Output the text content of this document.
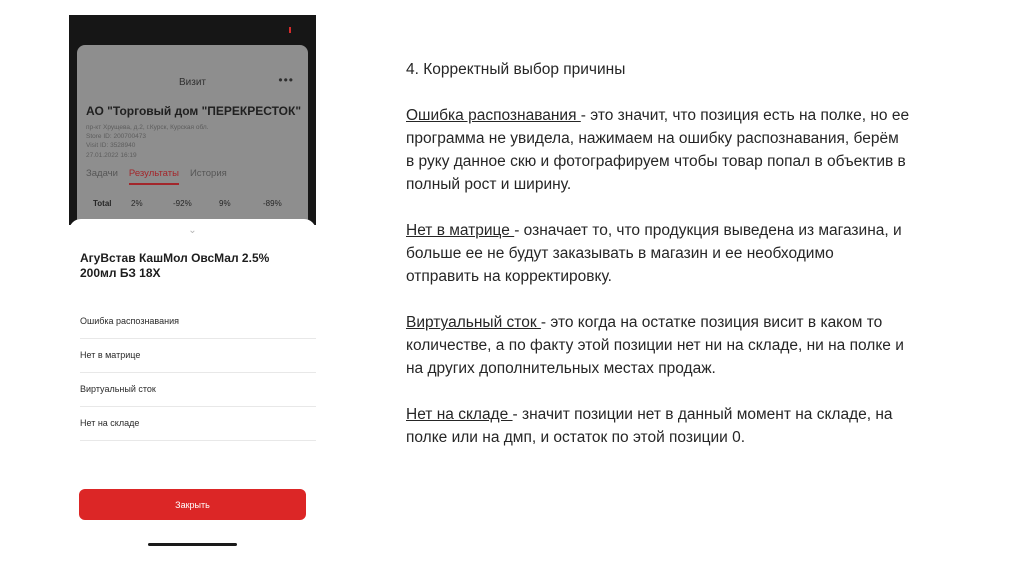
Визит	•••
АО "Торговый дом "ПЕРЕКРЕСТОК"
пр-кт Хрущева, д.2, г.Курск, Курская обл.
Store ID: 200700473
Visit ID: 3528940
27.01.2022 16:19
Задачи Результаты История
Total 2%	-92%	9%	-89%
⌄
АгуВстав КашМол ОвсМал 2.5% 200мл БЗ 18Х
Ошибка распознавания
Нет в матрице
Виртуальный сток
Нет на складе
Закрыть

4. Корректный выбор причины

Ошибка распознавания - это значит, что позиция есть на полке, но ее программа не увидела, нажимаем на ошибку распознавания, берём в руку данное скю и фотографируем чтобы товар попал в объектив в полный рост и ширину.

Нет в матрице - означает то, что продукция выведена из магазина, и больше ее не будут заказывать в магазин и ее необходимо отправить на корректировку.

Виртуальный сток - это когда на остатке позиция висит в каком то количестве, а по факту этой позиции нет ни на складе, ни на полке и на других дополнительных местах продаж.

Нет на складе - значит позиции нет в данный момент на складе, на полке или на дмп, и остаток по этой позиции 0.
